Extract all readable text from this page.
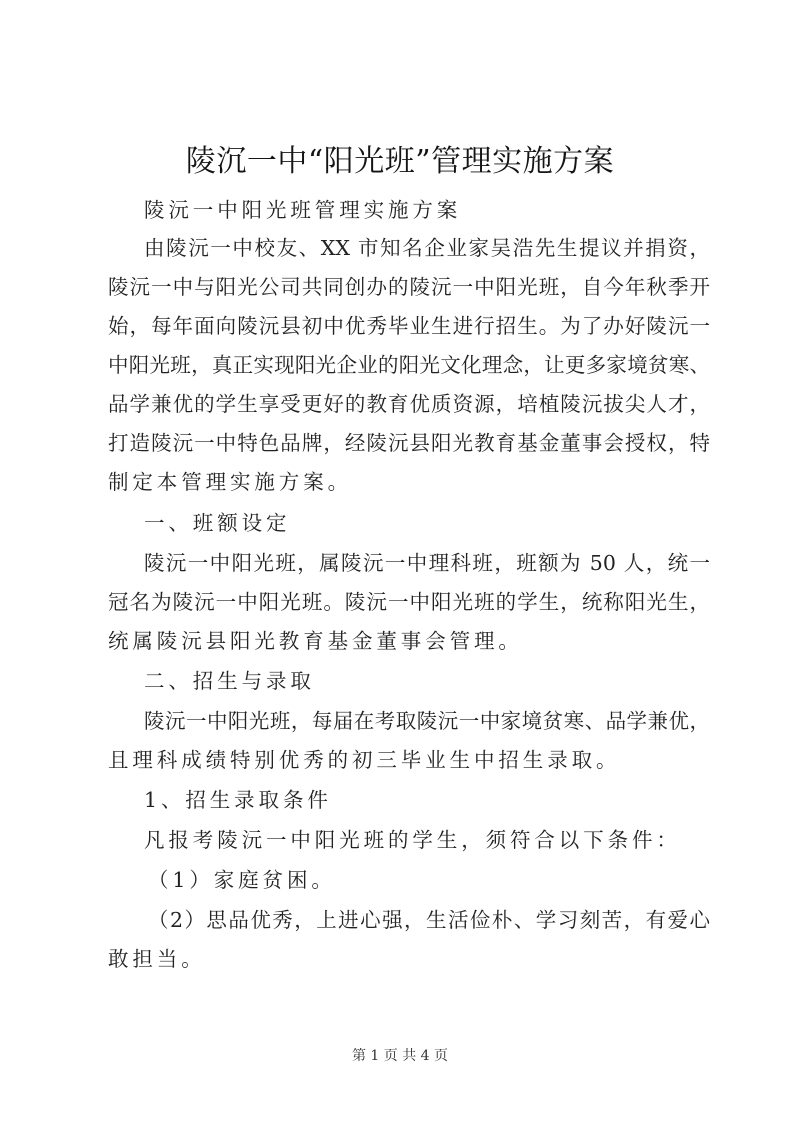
陵沉一中“阳光班”管理实施方案
陵沅一中阳光班管理实施方案
由陵沅一中校友、XX 市知名企业家吴浩先生提议并捐资，
陵沅一中与阳光公司共同创办的陵沅一中阳光班，自今年秋季开
始，每年面向陵沅县初中优秀毕业生进行招生。为了办好陵沅一
中阳光班，真正实现阳光企业的阳光文化理念，让更多家境贫寒、
品学兼优的学生享受更好的教育优质资源，培植陵沅拔尖人才，
打造陵沅一中特色品牌，经陵沅县阳光教育基金董事会授权，特
制定本管理实施方案。
一、班额设定
陵沅一中阳光班，属陵沅一中理科班，班额为 50 人，统一
冠名为陵沅一中阳光班。陵沅一中阳光班的学生，统称阳光生，
统属陵沅县阳光教育基金董事会管理。
二、招生与录取
陵沅一中阳光班，每届在考取陵沅一中家境贫寒、品学兼优，
且理科成绩特别优秀的初三毕业生中招生录取。
1、招生录取条件
凡报考陵沅一中阳光班的学生，须符合以下条件：
（1）家庭贫困。
（2）思品优秀，上进心强，生活俭朴、学习刻苦，有爱心
敢担当。
第 1 页 共 4 页
